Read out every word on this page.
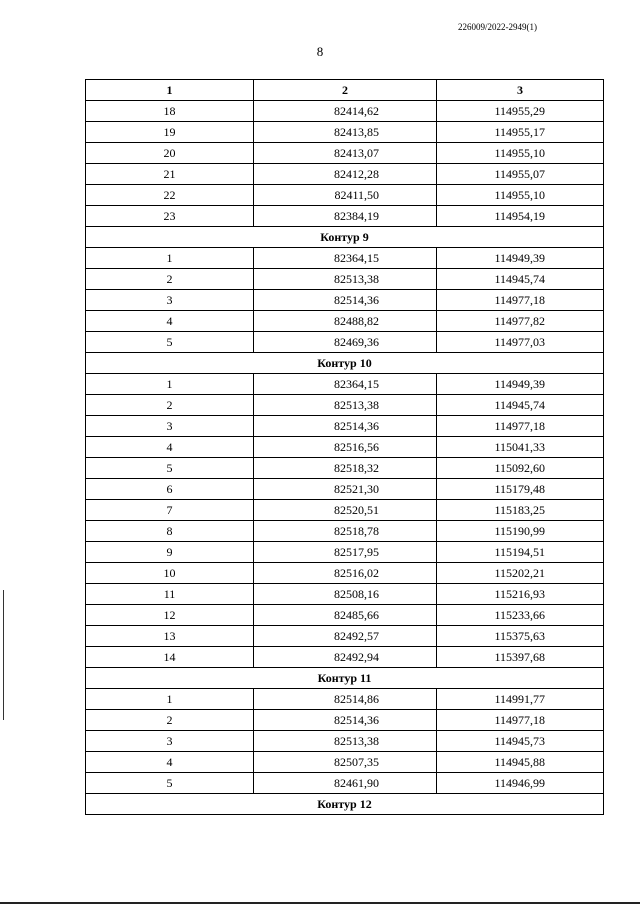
226009/2022-2949(1)
8
1	2	3
18	82414,62	114955,29
19	82413,85	114955,17
20	82413,07	114955,10
21	82412,28	114955,07
22	82411,50	114955,10
23	82384,19	114954,19
Контур 9		
1	82364,15	114949,39
2	82513,38	114945,74
3	82514,36	114977,18
4	82488,82	114977,82
5	82469,36	114977,03
Контур 10		
1	82364,15	114949,39
2	82513,38	114945,74
3	82514,36	114977,18
4	82516,56	115041,33
5	82518,32	115092,60
6	82521,30	115179,48
7	82520,51	115183,25
8	82518,78	115190,99
9	82517,95	115194,51
10	82516,02	115202,21
11	82508,16	115216,93
12	82485,66	115233,66
13	82492,57	115375,63
14	82492,94	115397,68
Контур 11		
1	82514,86	114991,77
2	82514,36	114977,18
3	82513,38	114945,73
4	82507,35	114945,88
5	82461,90	114946,99
Контур 12		
